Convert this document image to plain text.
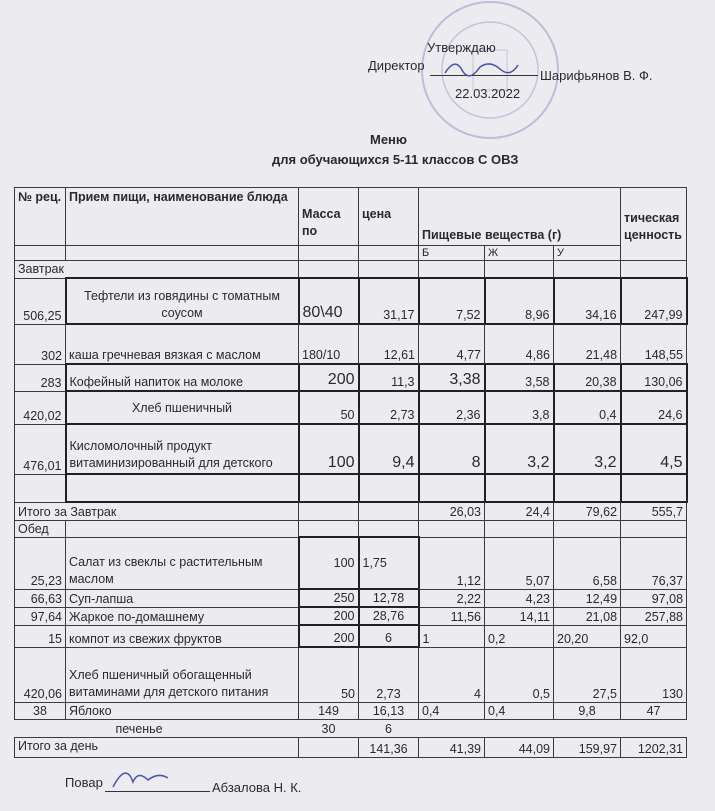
Утверждаю
Директор
Шарифьянов В. Ф.
22.03.2022
Меню
для обучающихся 5-11 классов С ОВЗ
№ рец.	Прием пищи, наименование блюда	Масса по	цена	Пищевые вещества (г)			тическая ценность
				Б	Ж	У	
Завтрак							
506,25	Тефтели из говядины с томатным соусом	80\40	31,17	7,52	8,96	34,16	247,99
302	каша гречневая вязкая с маслом	180/10	12,61	4,77	4,86	21,48	148,55
283	Кофейный напиток на молоке	200	11,3	3,38	3,58	20,38	130,06
420,02	Хлеб пшеничный	50	2,73	2,36	3,8	0,4	24,6
476,01	Кисломолочный продукт витаминизированный для детского	100	9,4	8	3,2	3,2	4,5

Итого за Завтрак				26,03	24,4	79,62	555,7
Обед							
25,23	Салат из свеклы с растительным маслом	100	1,75	1,12	5,07	6,58	76,37
66,63	Суп-лапша	250	12,78	2,22	4,23	12,49	97,08
97,64	Жаркое по-домашнему	200	28,76	11,56	14,11	21,08	257,88
15	компот из свежих фруктов	200	6	1	0,2	20,20	92,0
420,06	Хлеб пшеничный обогащенный витаминами для детского питания	50	2,73	4	0,5	27,5	130
38	Яблоко	149	16,13	0,4	0,4	9,8	47
	печенье	30	6				
Итого за день			141,36	41,39	44,09	159,97	1202,31
Повар	Абзалова Н. К.
